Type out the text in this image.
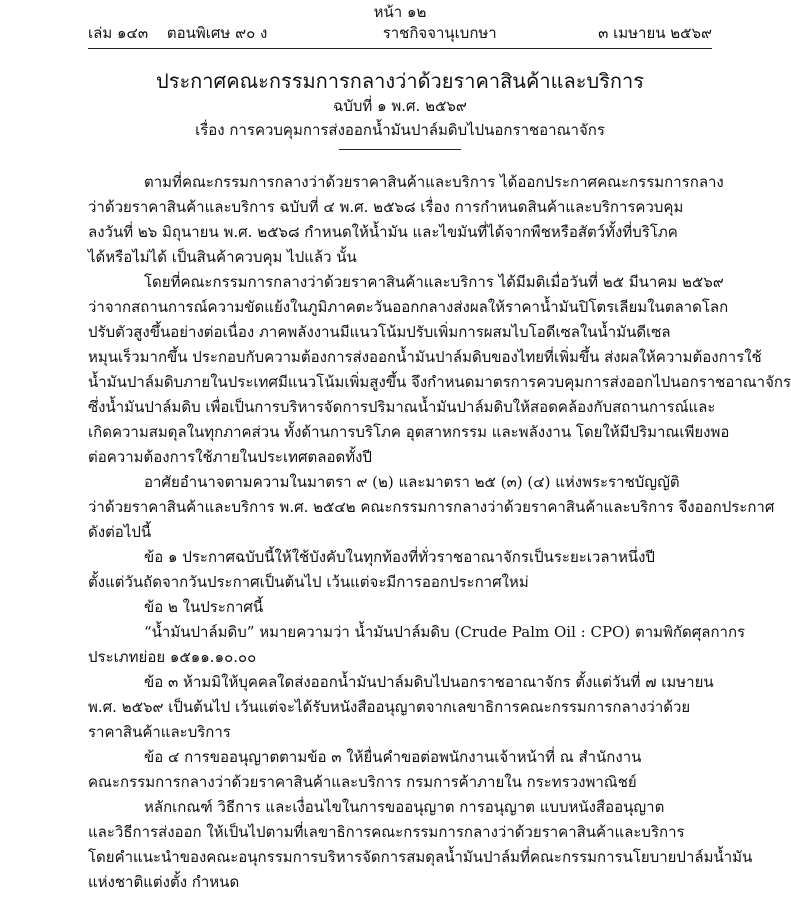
หน้า ๑๒
เล่ม ๑๔๓ ตอนพิเศษ ๙๐ ง	ราชกิจจานุเบกษา	๓ เมษายน ๒๕๖๙
ประกาศคณะกรรมการกลางว่าด้วยราคาสินค้าและบริการ
ฉบับที่ ๑ พ.ศ. ๒๕๖๙
เรื่อง การควบคุมการส่งออกน้ำมันปาล์มดิบไปนอกราชอาณาจักร
ตามที่คณะกรรมการกลางว่าด้วยราคาสินค้าและบริการ ได้ออกประกาศคณะกรรมการกลาง
ว่าด้วยราคาสินค้าและบริการ ฉบับที่ ๔ พ.ศ. ๒๕๖๘ เรื่อง การกำหนดสินค้าและบริการควบคุม
ลงวันที่ ๒๖ มิถุนายน พ.ศ. ๒๕๖๘ กำหนดให้น้ำมัน และไขมันที่ได้จากพืชหรือสัตว์ทั้งที่บริโภค
ได้หรือไม่ได้ เป็นสินค้าควบคุม ไปแล้ว นั้น
โดยที่คณะกรรมการกลางว่าด้วยราคาสินค้าและบริการ ได้มีมติเมื่อวันที่ ๒๕ มีนาคม ๒๕๖๙
ว่าจากสถานการณ์ความขัดแย้งในภูมิภาคตะวันออกกลางส่งผลให้ราคาน้ำมันปิโตรเลียมในตลาดโลก
ปรับตัวสูงขึ้นอย่างต่อเนื่อง ภาคพลังงานมีแนวโน้มปรับเพิ่มการผสมไบโอดีเซลในน้ำมันดีเซล
หมุนเร็วมากขึ้น ประกอบกับความต้องการส่งออกน้ำมันปาล์มดิบของไทยที่เพิ่มขึ้น ส่งผลให้ความต้องการใช้
น้ำมันปาล์มดิบภายในประเทศมีแนวโน้มเพิ่มสูงขึ้น จึงกำหนดมาตรการควบคุมการส่งออกไปนอกราชอาณาจักร
ซึ่งน้ำมันปาล์มดิบ เพื่อเป็นการบริหารจัดการปริมาณน้ำมันปาล์มดิบให้สอดคล้องกับสถานการณ์และ
เกิดความสมดุลในทุกภาคส่วน ทั้งด้านการบริโภค อุตสาหกรรม และพลังงาน โดยให้มีปริมาณเพียงพอ
ต่อความต้องการใช้ภายในประเทศตลอดทั้งปี
อาศัยอำนาจตามความในมาตรา ๙ (๒) และมาตรา ๒๕ (๓) (๔) แห่งพระราชบัญญัติ
ว่าด้วยราคาสินค้าและบริการ พ.ศ. ๒๕๔๒ คณะกรรมการกลางว่าด้วยราคาสินค้าและบริการ จึงออกประกาศ
ดังต่อไปนี้
ข้อ ๑ ประกาศฉบับนี้ให้ใช้บังคับในทุกท้องที่ทั่วราชอาณาจักรเป็นระยะเวลาหนึ่งปี
ตั้งแต่วันถัดจากวันประกาศเป็นต้นไป เว้นแต่จะมีการออกประกาศใหม่
ข้อ ๒ ในประกาศนี้
“น้ำมันปาล์มดิบ” หมายความว่า น้ำมันปาล์มดิบ (Crude Palm Oil : CPO) ตามพิกัดศุลกากร
ประเภทย่อย ๑๕๑๑.๑๐.๐๐
ข้อ ๓ ห้ามมิให้บุคคลใดส่งออกน้ำมันปาล์มดิบไปนอกราชอาณาจักร ตั้งแต่วันที่ ๗ เมษายน
พ.ศ. ๒๕๖๙ เป็นต้นไป เว้นแต่จะได้รับหนังสืออนุญาตจากเลขาธิการคณะกรรมการกลางว่าด้วย
ราคาสินค้าและบริการ
ข้อ ๔ การขออนุญาตตามข้อ ๓ ให้ยื่นคำขอต่อพนักงานเจ้าหน้าที่ ณ สำนักงาน
คณะกรรมการกลางว่าด้วยราคาสินค้าและบริการ กรมการค้าภายใน กระทรวงพาณิชย์
หลักเกณฑ์ วิธีการ และเงื่อนไขในการขออนุญาต การอนุญาต แบบหนังสืออนุญาต
และวิธีการส่งออก ให้เป็นไปตามที่เลขาธิการคณะกรรมการกลางว่าด้วยราคาสินค้าและบริการ
โดยคำแนะนำของคณะอนุกรรมการบริหารจัดการสมดุลน้ำมันปาล์มที่คณะกรรมการนโยบายปาล์มน้ำมัน
แห่งชาติแต่งตั้ง กำหนด
